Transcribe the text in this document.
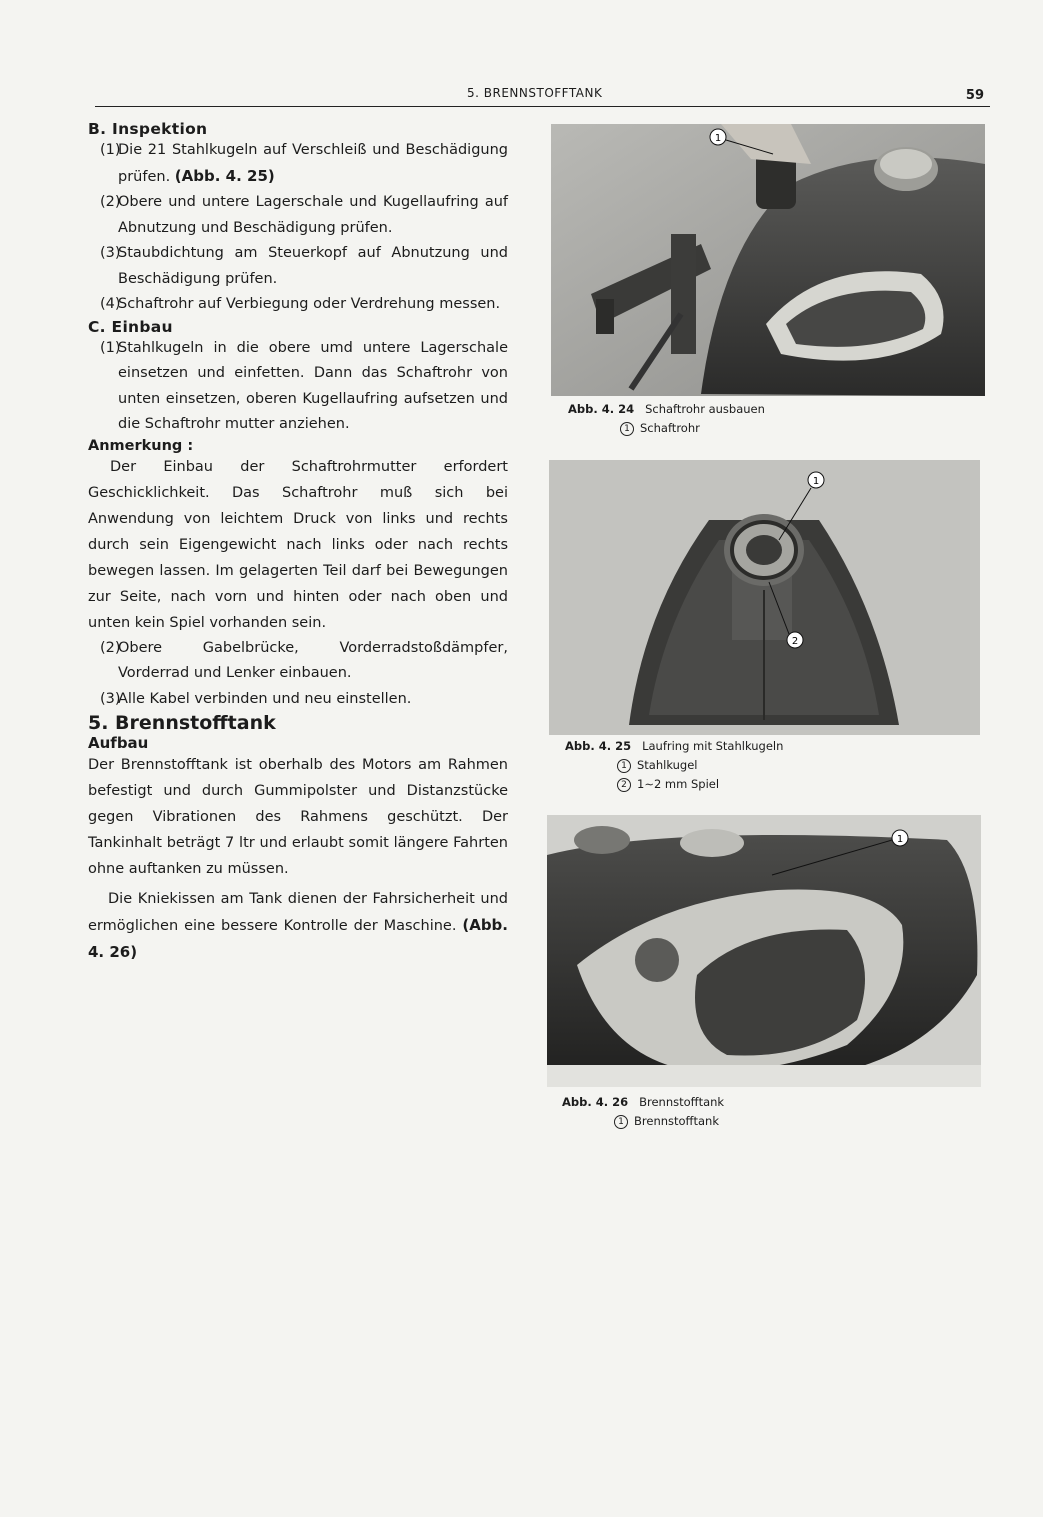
5. BRENNSTOFFTANK	59
B. Inspektion

(1)
Die 21 Stahlkugeln auf Verschleiß und Beschädigung prüfen. (Abb. 4. 25)

(2)
Obere und untere Lagerschale und Kugellaufring auf Abnutzung und Beschädigung prüfen.

(3)
Staubdichtung am Steuerkopf auf Abnutzung und Beschädigung prüfen.

(4)
Schaftrohr auf Verbiegung oder Verdrehung messen.

C. Einbau

(1)
Stahlkugeln in die obere umd untere Lagerschale einsetzen und einfetten. Dann das Schaftrohr von unten einsetzen, oberen Kugellaufring aufsetzen und die Schaftrohr mutter anziehen.

Anmerkung :

Der Einbau der Schaftrohrmutter erfordert Geschicklichkeit. Das Schaftrohr muß sich bei Anwendung von leichtem Druck von links und rechts durch sein Eigengewicht nach links oder nach rechts bewegen lassen. Im gelagerten Teil darf bei Bewegungen zur Seite, nach vorn und hinten oder nach oben und unten kein Spiel vorhanden sein.

(2)
Obere Gabelbrücke, Vorderradstoßdämpfer, Vorderrad und Lenker einbauen.

(3)
Alle Kabel verbinden und neu einstellen.

5. Brennstofftank
Aufbau

Der Brennstofftank ist oberhalb des Motors am Rahmen befestigt und durch Gummipolster und Distanzstücke gegen Vibrationen des Rahmens geschützt. Der Tankinhalt beträgt 7 ltr und erlaubt somit längere Fahrten ohne auftanken zu müssen.

Die Kniekissen am Tank dienen der Fahrsicherheit und ermöglichen eine bessere Kontrolle der Maschine. (Abb. 4. 26)

1
Abb. 4. 24 Schaftrohr ausbauen
1 Schaftrohr
1
2
Abb. 4. 25 Laufring mit Stahlkugeln
1 Stahlkugel
2 1∼2 mm Spiel
1
Abb. 4. 26 Brennstofftank
1 Brennstofftank
